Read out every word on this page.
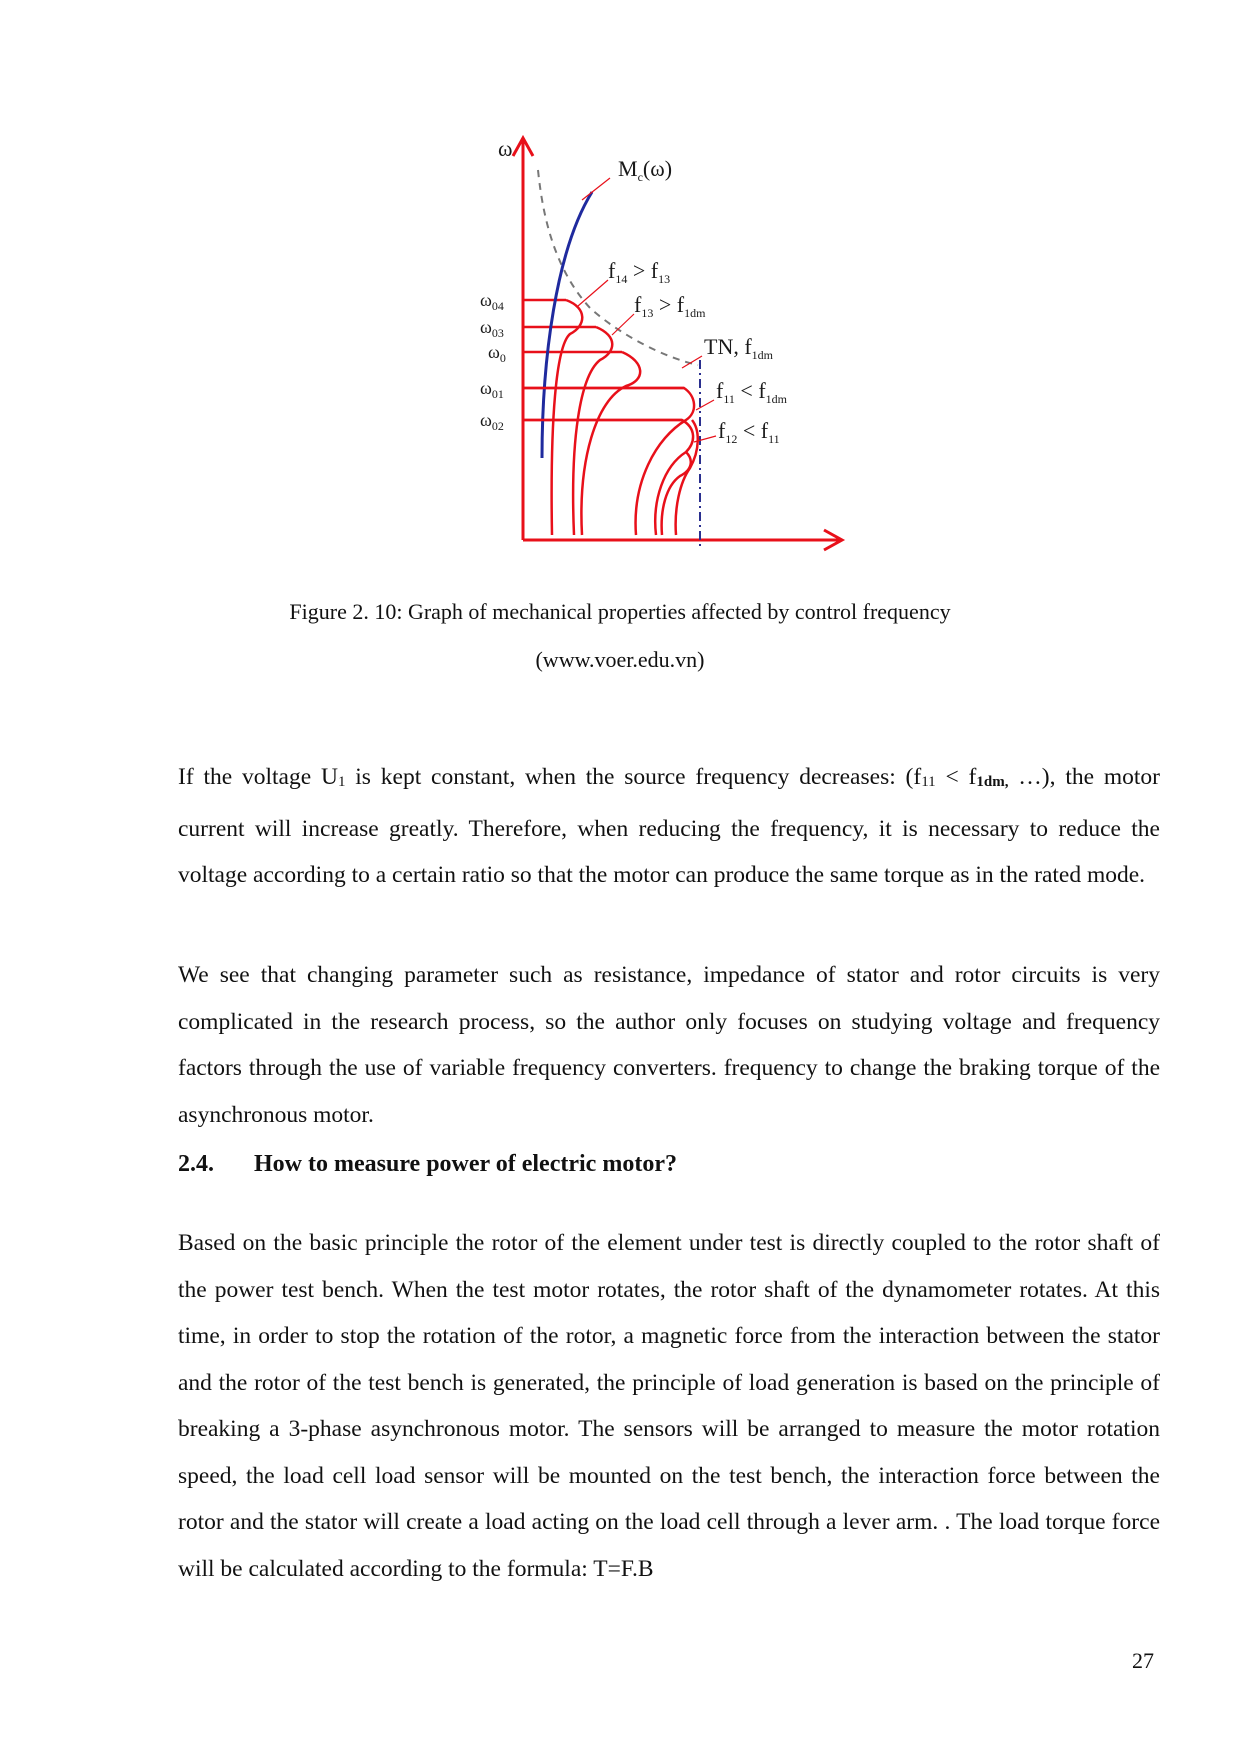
ω
$M_c(\omega)$
$\omega_{04}$
$\omega_{03}$
$\omega_0$
$\omega_{01}$
$\omega_{02}$
$f_{14} > f_{13}$
$f_{13} > f_{1dm}$
TN, $f_{1dm}$
$f_{11} < f_{1dm}$
$f_{12} < f_{11}$
Figure 2. 10: Graph of mechanical properties affected by control frequency
(www.voer.edu.vn)

If the voltage U1 is kept constant, when the source frequency decreases: (f11 < f1dm, …), the motor current will increase greatly. Therefore, when reducing the frequency, it is necessary to reduce the voltage according to a certain ratio so that the motor can produce the same torque as in the rated mode.

We see that changing parameter such as resistance, impedance of stator and rotor circuits is very complicated in the research process, so the author only focuses on studying voltage and frequency factors through the use of variable frequency converters. frequency to change the braking torque of the asynchronous motor.

2.4. How to measure power of electric motor?

Based on the basic principle the rotor of the element under test is directly coupled to the rotor shaft of the power test bench. When the test motor rotates, the rotor shaft of the dynamometer rotates. At this time, in order to stop the rotation of the rotor, a magnetic force from the interaction between the stator and the rotor of the test bench is generated, the principle of load generation is based on the principle of breaking a 3-phase asynchronous motor. The sensors will be arranged to measure the motor rotation speed, the load cell load sensor will be mounted on the test bench, the interaction force between the rotor and the stator will create a load acting on the load cell through a lever arm. . The load torque force will be calculated according to the formula: T=F.B

27
